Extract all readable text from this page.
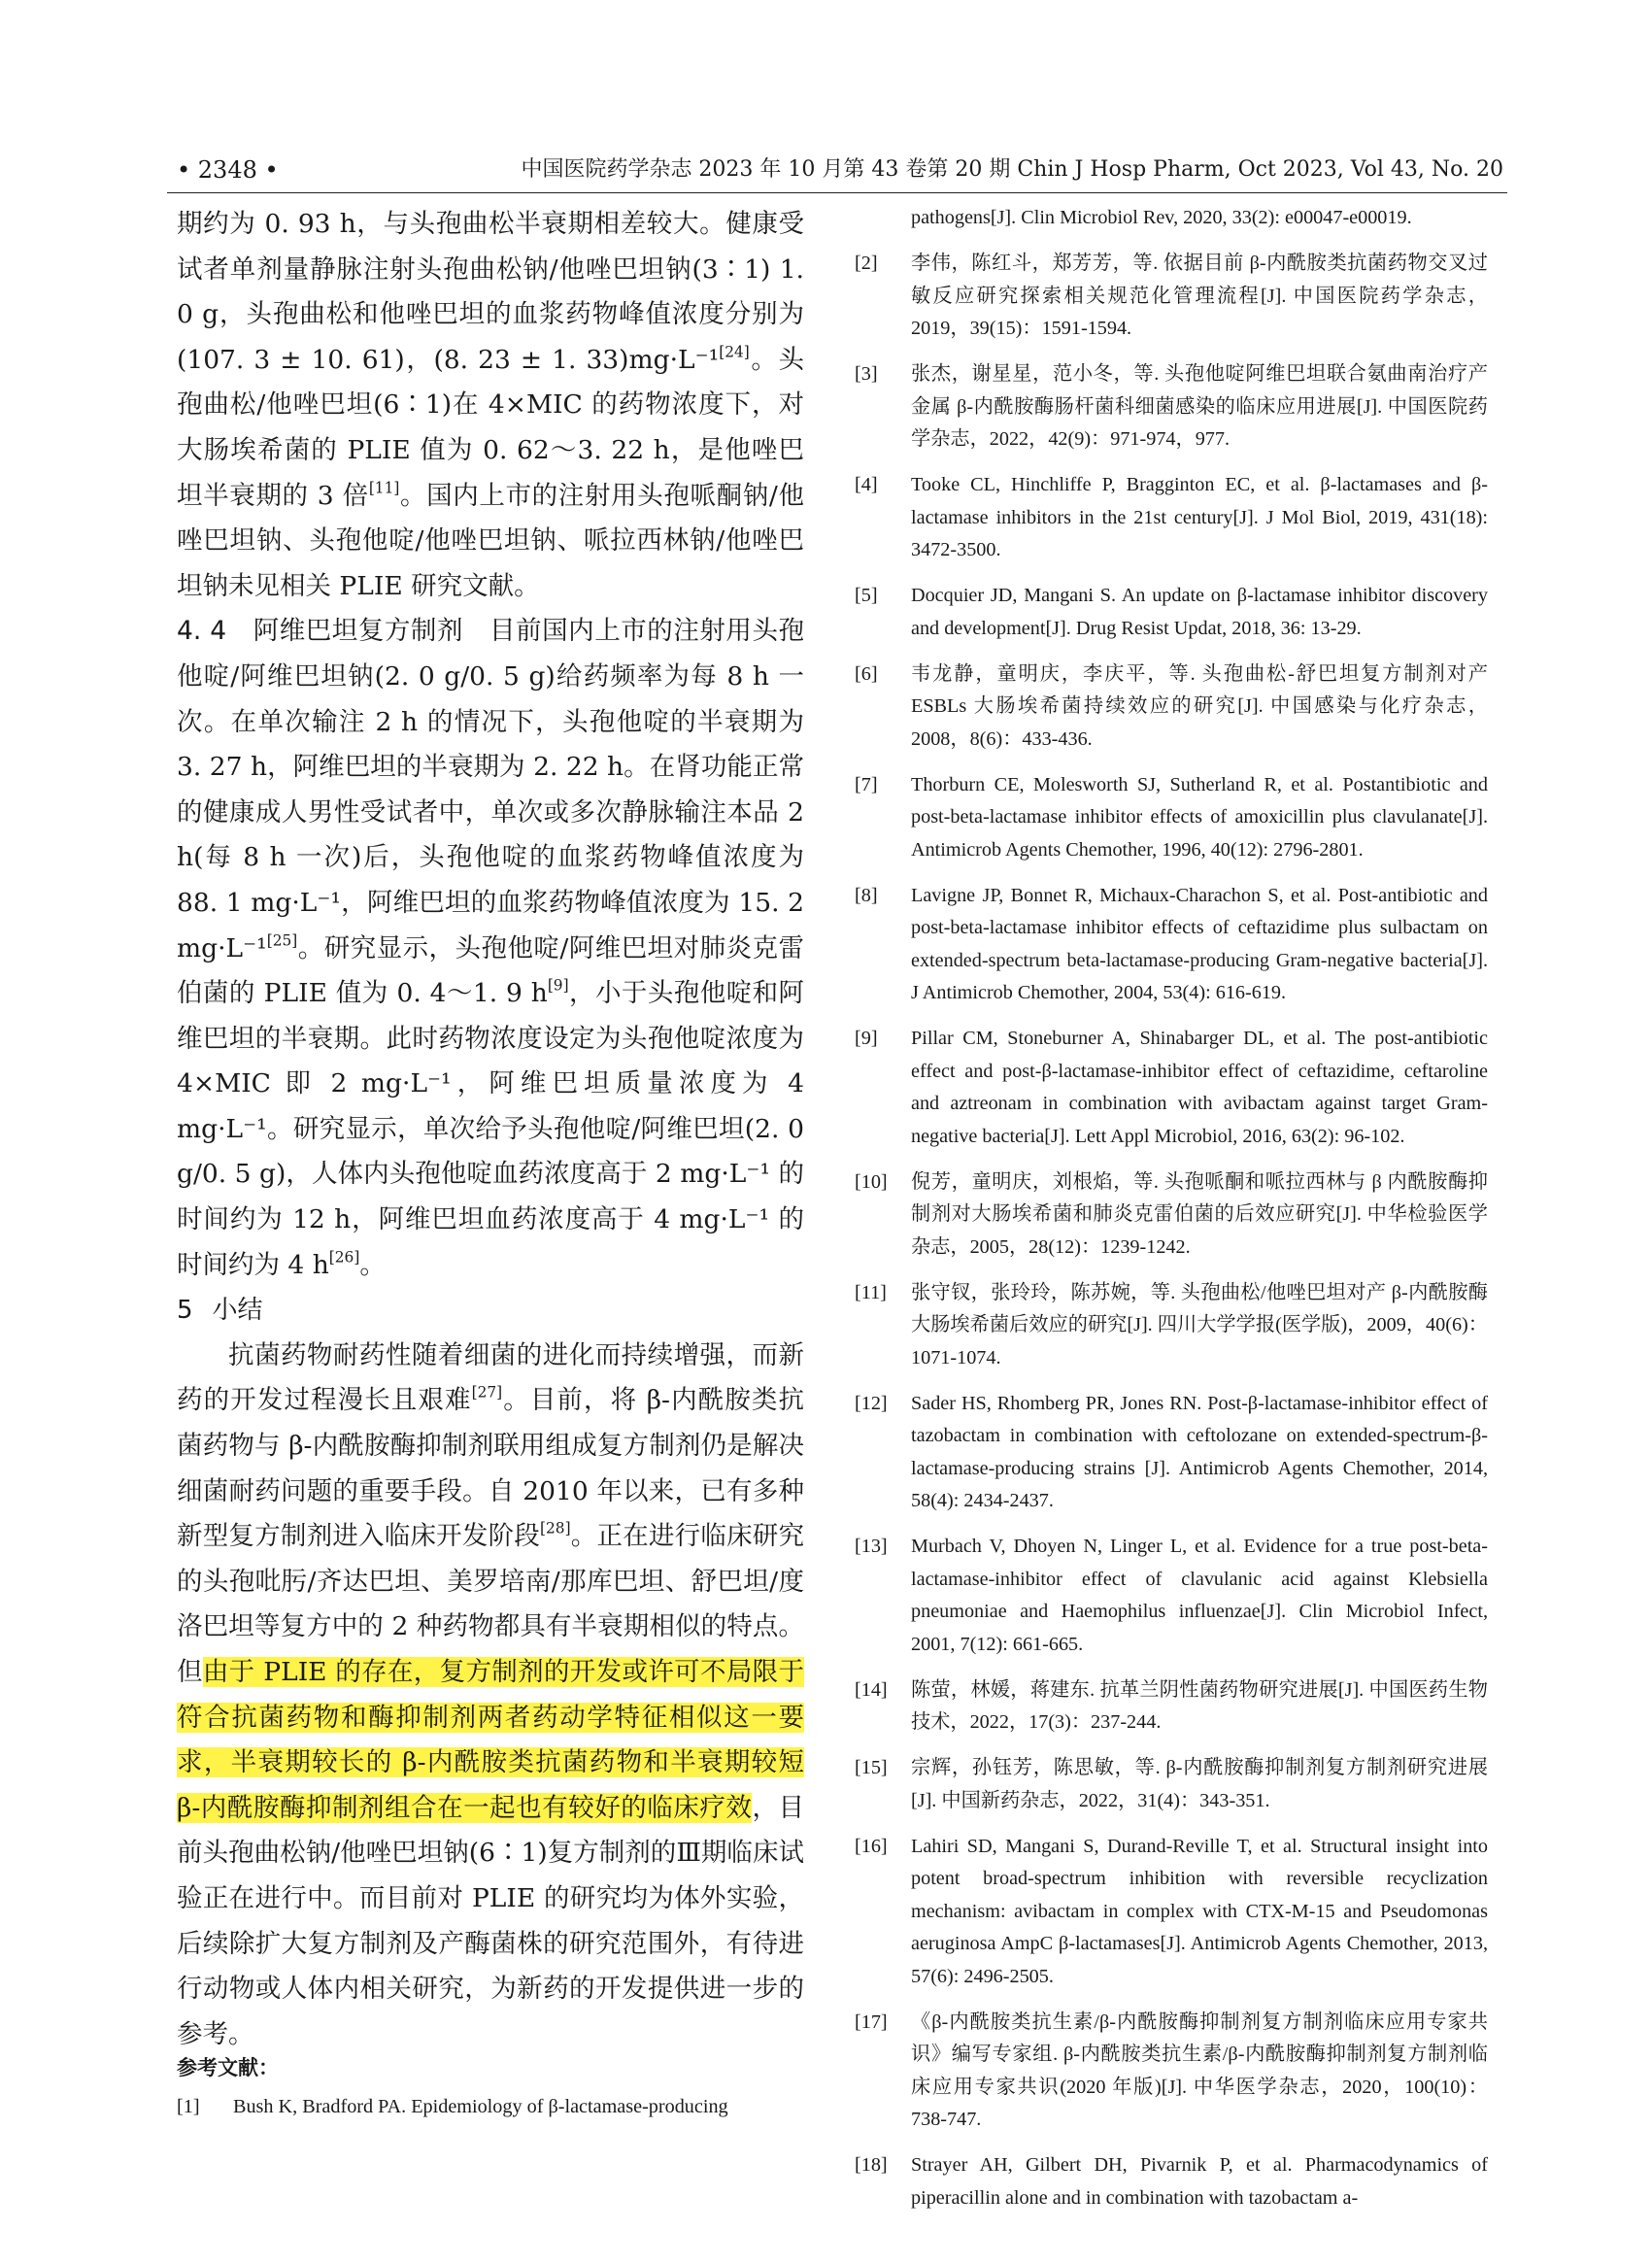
• 2348 •	中国医院药学杂志 2023 年 10 月第 43 卷第 20 期 Chin J Hosp Pharm, Oct 2023, Vol 43, No. 20

期约为 0. 93 h，与头孢曲松半衰期相差较大。健康受试者单剂量静脉注射头孢曲松钠/他唑巴坦钠(3∶1) 1. 0 g，头孢曲松和他唑巴坦的血浆药物峰值浓度分别为(107. 3 ± 10. 61)，(8. 23 ± 1. 33)mg·L⁻¹[24]。头孢曲松/他唑巴坦(6∶1)在 4×MIC 的药物浓度下，对大肠埃希菌的 PLIE 值为 0. 62～3. 22 h，是他唑巴坦半衰期的 3 倍[11]。国内上市的注射用头孢哌酮钠/他唑巴坦钠、头孢他啶/他唑巴坦钠、哌拉西林钠/他唑巴坦钠未见相关 PLIE 研究文献。

4. 4　阿维巴坦复方制剂　目前国内上市的注射用头孢他啶/阿维巴坦钠(2. 0 g/0. 5 g)给药频率为每 8 h 一次。在单次输注 2 h 的情况下，头孢他啶的半衰期为 3. 27 h，阿维巴坦的半衰期为 2. 22 h。在肾功能正常的健康成人男性受试者中，单次或多次静脉输注本品 2 h(每 8 h 一次)后，头孢他啶的血浆药物峰值浓度为 88. 1 mg·L⁻¹，阿维巴坦的血浆药物峰值浓度为 15. 2 mg·L⁻¹[25]。研究显示，头孢他啶/阿维巴坦对肺炎克雷伯菌的 PLIE 值为 0. 4～1. 9 h[9]，小于头孢他啶和阿维巴坦的半衰期。此时药物浓度设定为头孢他啶浓度为 4×MIC 即 2 mg·L⁻¹，阿维巴坦质量浓度为 4 mg·L⁻¹。研究显示，单次给予头孢他啶/阿维巴坦(2. 0 g/0. 5 g)，人体内头孢他啶血药浓度高于 2 mg·L⁻¹ 的时间约为 12 h，阿维巴坦血药浓度高于 4 mg·L⁻¹ 的时间约为 4 h[26]。

5 小结

抗菌药物耐药性随着细菌的进化而持续增强，而新药的开发过程漫长且艰难[27]。目前，将 β-内酰胺类抗菌药物与 β-内酰胺酶抑制剂联用组成复方制剂仍是解决细菌耐药问题的重要手段。自 2010 年以来，已有多种新型复方制剂进入临床开发阶段[28]。正在进行临床研究的头孢吡肟/齐达巴坦、美罗培南/那库巴坦、舒巴坦/度洛巴坦等复方中的 2 种药物都具有半衰期相似的特点。但由于 PLIE 的存在，复方制剂的开发或许可不局限于符合抗菌药物和酶抑制剂两者药动学特征相似这一要求，半衰期较长的 β-内酰胺类抗菌药物和半衰期较短 β-内酰胺酶抑制剂组合在一起也有较好的临床疗效，目前头孢曲松钠/他唑巴坦钠(6∶1)复方制剂的Ⅲ期临床试验正在进行中。而目前对 PLIE 的研究均为体外实验，后续除扩大复方制剂及产酶菌株的研究范围外，有待进行动物或人体内相关研究，为新药的开发提供进一步的参考。

参考文献：
[1] Bush K, Bradford PA. Epidemiology of β-lactamase-producing
pathogens[J]. Clin Microbiol Rev, 2020, 33(2): e00047-e00019.
[2] 李伟，陈红斗，郑芳芳，等. 依据目前 β-内酰胺类抗菌药物交叉过敏反应研究探索相关规范化管理流程[J]. 中国医院药学杂志，2019，39(15)：1591-1594.
[3] 张杰，谢星星，范小冬，等. 头孢他啶阿维巴坦联合氨曲南治疗产金属 β-内酰胺酶肠杆菌科细菌感染的临床应用进展[J]. 中国医院药学杂志，2022，42(9)：971-974，977.
[4] Tooke CL, Hinchliffe P, Bragginton EC, et al. β-lactamases and β-lactamase inhibitors in the 21st century[J]. J Mol Biol, 2019, 431(18): 3472-3500.
[5] Docquier JD, Mangani S. An update on β-lactamase inhibitor discovery and development[J]. Drug Resist Updat, 2018, 36: 13-29.
[6] 韦龙静，童明庆，李庆平，等. 头孢曲松-舒巴坦复方制剂对产 ESBLs 大肠埃希菌持续效应的研究[J]. 中国感染与化疗杂志，2008，8(6)：433-436.
[7] Thorburn CE, Molesworth SJ, Sutherland R, et al. Postantibiotic and post-beta-lactamase inhibitor effects of amoxicillin plus clavulanate[J]. Antimicrob Agents Chemother, 1996, 40(12): 2796-2801.
[8] Lavigne JP, Bonnet R, Michaux-Charachon S, et al. Post-antibiotic and post-beta-lactamase inhibitor effects of ceftazidime plus sulbactam on extended-spectrum beta-lactamase-producing Gram-negative bacteria[J]. J Antimicrob Chemother, 2004, 53(4): 616-619.
[9] Pillar CM, Stoneburner A, Shinabarger DL, et al. The post-antibiotic effect and post-β-lactamase-inhibitor effect of ceftazidime, ceftaroline and aztreonam in combination with avibactam against target Gram-negative bacteria[J]. Lett Appl Microbiol, 2016, 63(2): 96-102.
[10] 倪芳，童明庆，刘根焰，等. 头孢哌酮和哌拉西林与 β 内酰胺酶抑制剂对大肠埃希菌和肺炎克雷伯菌的后效应研究[J]. 中华检验医学杂志，2005，28(12)：1239-1242.
[11] 张守钗，张玲玲，陈苏婉，等. 头孢曲松/他唑巴坦对产 β-内酰胺酶大肠埃希菌后效应的研究[J]. 四川大学学报(医学版)，2009，40(6)：1071-1074.
[12] Sader HS, Rhomberg PR, Jones RN. Post-β-lactamase-inhibitor effect of tazobactam in combination with ceftolozane on extended-spectrum-β-lactamase-producing strains [J]. Antimicrob Agents Chemother, 2014, 58(4): 2434-2437.
[13] Murbach V, Dhoyen N, Linger L, et al. Evidence for a true post-beta-lactamase-inhibitor effect of clavulanic acid against Klebsiella pneumoniae and Haemophilus influenzae[J]. Clin Microbiol Infect, 2001, 7(12): 661-665.
[14] 陈萤，林媛，蒋建东. 抗革兰阴性菌药物研究进展[J]. 中国医药生物技术，2022，17(3)：237-244.
[15] 宗辉，孙钰芳，陈思敏，等. β-内酰胺酶抑制剂复方制剂研究进展[J]. 中国新药杂志，2022，31(4)：343-351.
[16] Lahiri SD, Mangani S, Durand-Reville T, et al. Structural insight into potent broad-spectrum inhibition with reversible recyclization mechanism: avibactam in complex with CTX-M-15 and Pseudomonas aeruginosa AmpC β-lactamases[J]. Antimicrob Agents Chemother, 2013, 57(6): 2496-2505.
[17] 《β-内酰胺类抗生素/β-内酰胺酶抑制剂复方制剂临床应用专家共识》编写专家组. β-内酰胺类抗生素/β-内酰胺酶抑制剂复方制剂临床应用专家共识(2020 年版)[J]. 中华医学杂志，2020，100(10)：738-747.
[18] Strayer AH, Gilbert DH, Pivarnik P, et al. Pharmacodynamics of piperacillin alone and in combination with tazobactam a-
